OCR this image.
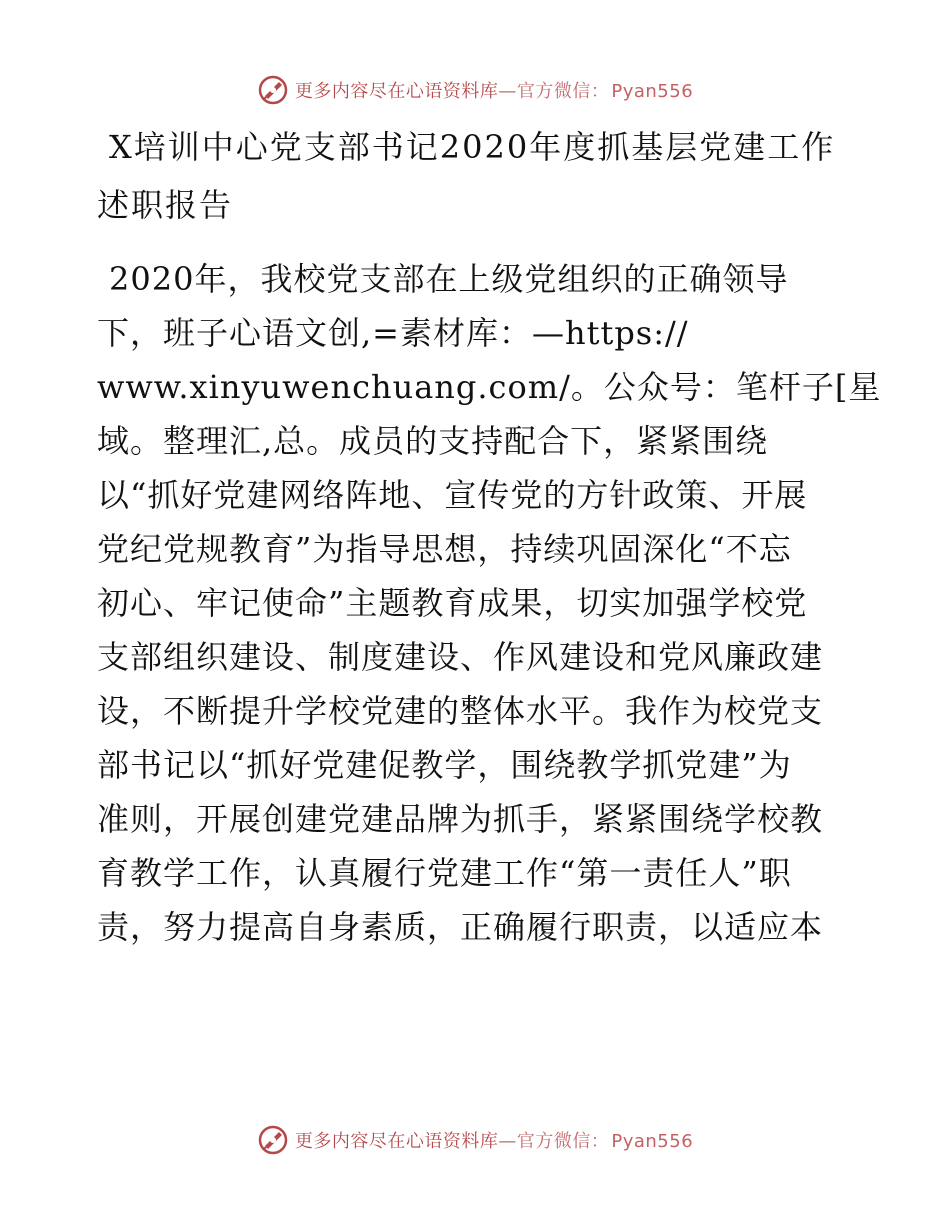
更多内容尽在心语资料库—官方微信： Pyan556
X培训中心党支部书记2020年度抓基层党建工作
述职报告
2020年，我校党支部在上级党组织的正确领导
下，班子心语文创,=素材库：—https://
www.xinyuwenchuang.com/。公众号：笔杆子[星
域。整理汇,总。成员的支持配合下，紧紧围绕
以“抓好党建网络阵地、宣传党的方针政策、开展
党纪党规教育”为指导思想，持续巩固深化“不忘
初心、牢记使命”主题教育成果，切实加强学校党
支部组织建设、制度建设、作风建设和党风廉政建
设，不断提升学校党建的整体水平。我作为校党支
部书记以“抓好党建促教学，围绕教学抓党建”为
准则，开展创建党建品牌为抓手，紧紧围绕学校教
育教学工作，认真履行党建工作“第一责任人”职
责，努力提高自身素质，正确履行职责，以适应本
更多内容尽在心语资料库—官方微信： Pyan556
